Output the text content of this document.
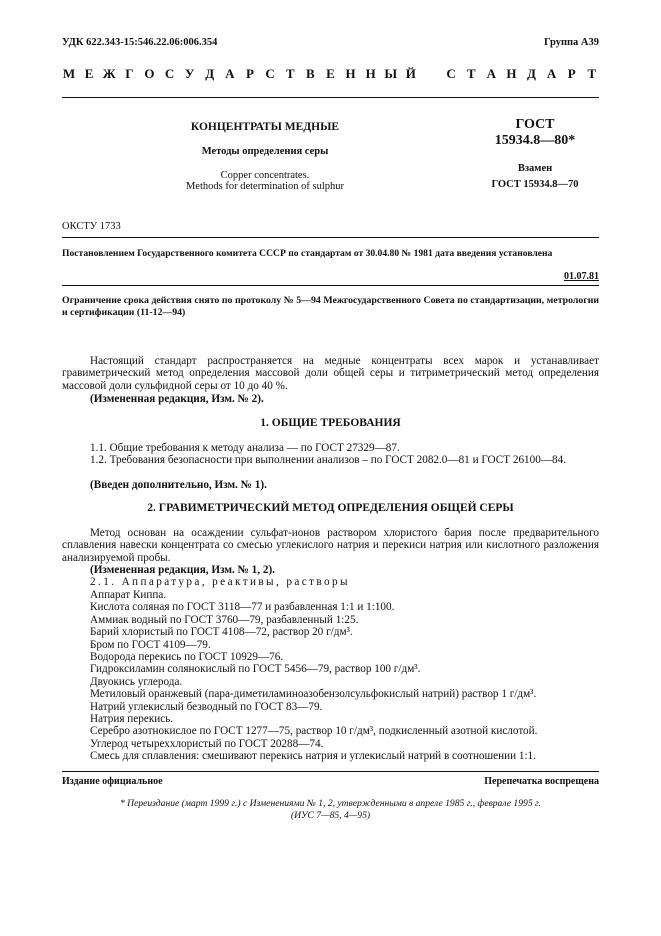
УДК 622.343-15:546.22.06:006.354	Группа А39
М Е Ж Г О С У Д А Р С Т В Е Н Н Ы Й С Т А Н Д А Р Т
КОНЦЕНТРАТЫ МЕДНЫЕ
Методы определения серы
Copper concentrates.
Methods for determination of sulphur
ГОСТ
15934.8—80*
Взамен
ГОСТ 15934.8—70
ОКСТУ 1733
Постановлением Государственного комитета СССР по стандартам от 30.04.80 № 1981 дата введения установлена
01.07.81
Ограничение срока действия снято по протоколу № 5—94 Межгосударственного Совета по стандартизации, метрологии и сертификации (11-12—94)
Настоящий стандарт распространяется на медные концентраты всех марок и устанавливает гравиметрический метод определения массовой доли общей серы и титриметрический метод определения массовой доли сульфидной серы от 10 до 40 %.
(Измененная редакция, Изм. № 2).
1. ОБЩИЕ ТРЕБОВАНИЯ
1.1. Общие требования к методу анализа — по ГОСТ 27329—87.
1.2. Требования безопасности при выполнении анализов – по ГОСТ 2082.0—81 и ГОСТ 26100—84.
(Введен дополнительно, Изм. № 1).
2. ГРАВИМЕТРИЧЕСКИЙ МЕТОД ОПРЕДЕЛЕНИЯ ОБЩЕЙ СЕРЫ
Метод основан на осаждении сульфат-ионов раствором хлористого бария после предварительного сплавления навески концентрата со смесью углекислого натрия и перекиси натрия или кислотного разложения анализируемой пробы.
(Измененная редакция, Изм. № 1, 2).
2.1. Аппаратура, реактивы, растворы
Аппарат Киппа.
Кислота соляная по ГОСТ 3118—77 и разбавленная 1:1 и 1:100.
Аммиак водный по ГОСТ 3760—79, разбавленный 1:25.
Барий хлористый по ГОСТ 4108—72, раствор 20 г/дм³.
Бром по ГОСТ 4109—79.
Водорода перекись по ГОСТ 10929—76.
Гидроксиламин солянокислый по ГОСТ 5456—79, раствор 100 г/дм³.
Двуокись углерода.
Метиловый оранжевый (пара-диметиламиноазобензолсульфокислый натрий) раствор 1 г/дм³.
Натрий углекислый безводный по ГОСТ 83—79.
Натрия перекись.
Серебро азотнокислое по ГОСТ 1277—75, раствор 10 г/дм³, подкисленный азотной кислотой.
Углерод четыреххлористый по ГОСТ 20288—74.
Смесь для сплавления: смешивают перекись натрия и углекислый натрий в соотношении 1:1.
Издание официальное	Перепечатка воспрещена
* Переиздание (март 1999 г.) с Изменениями № 1, 2, утвержденными в апреле 1985 г., феврале 1995 г.
(ИУС 7—85, 4—95)
